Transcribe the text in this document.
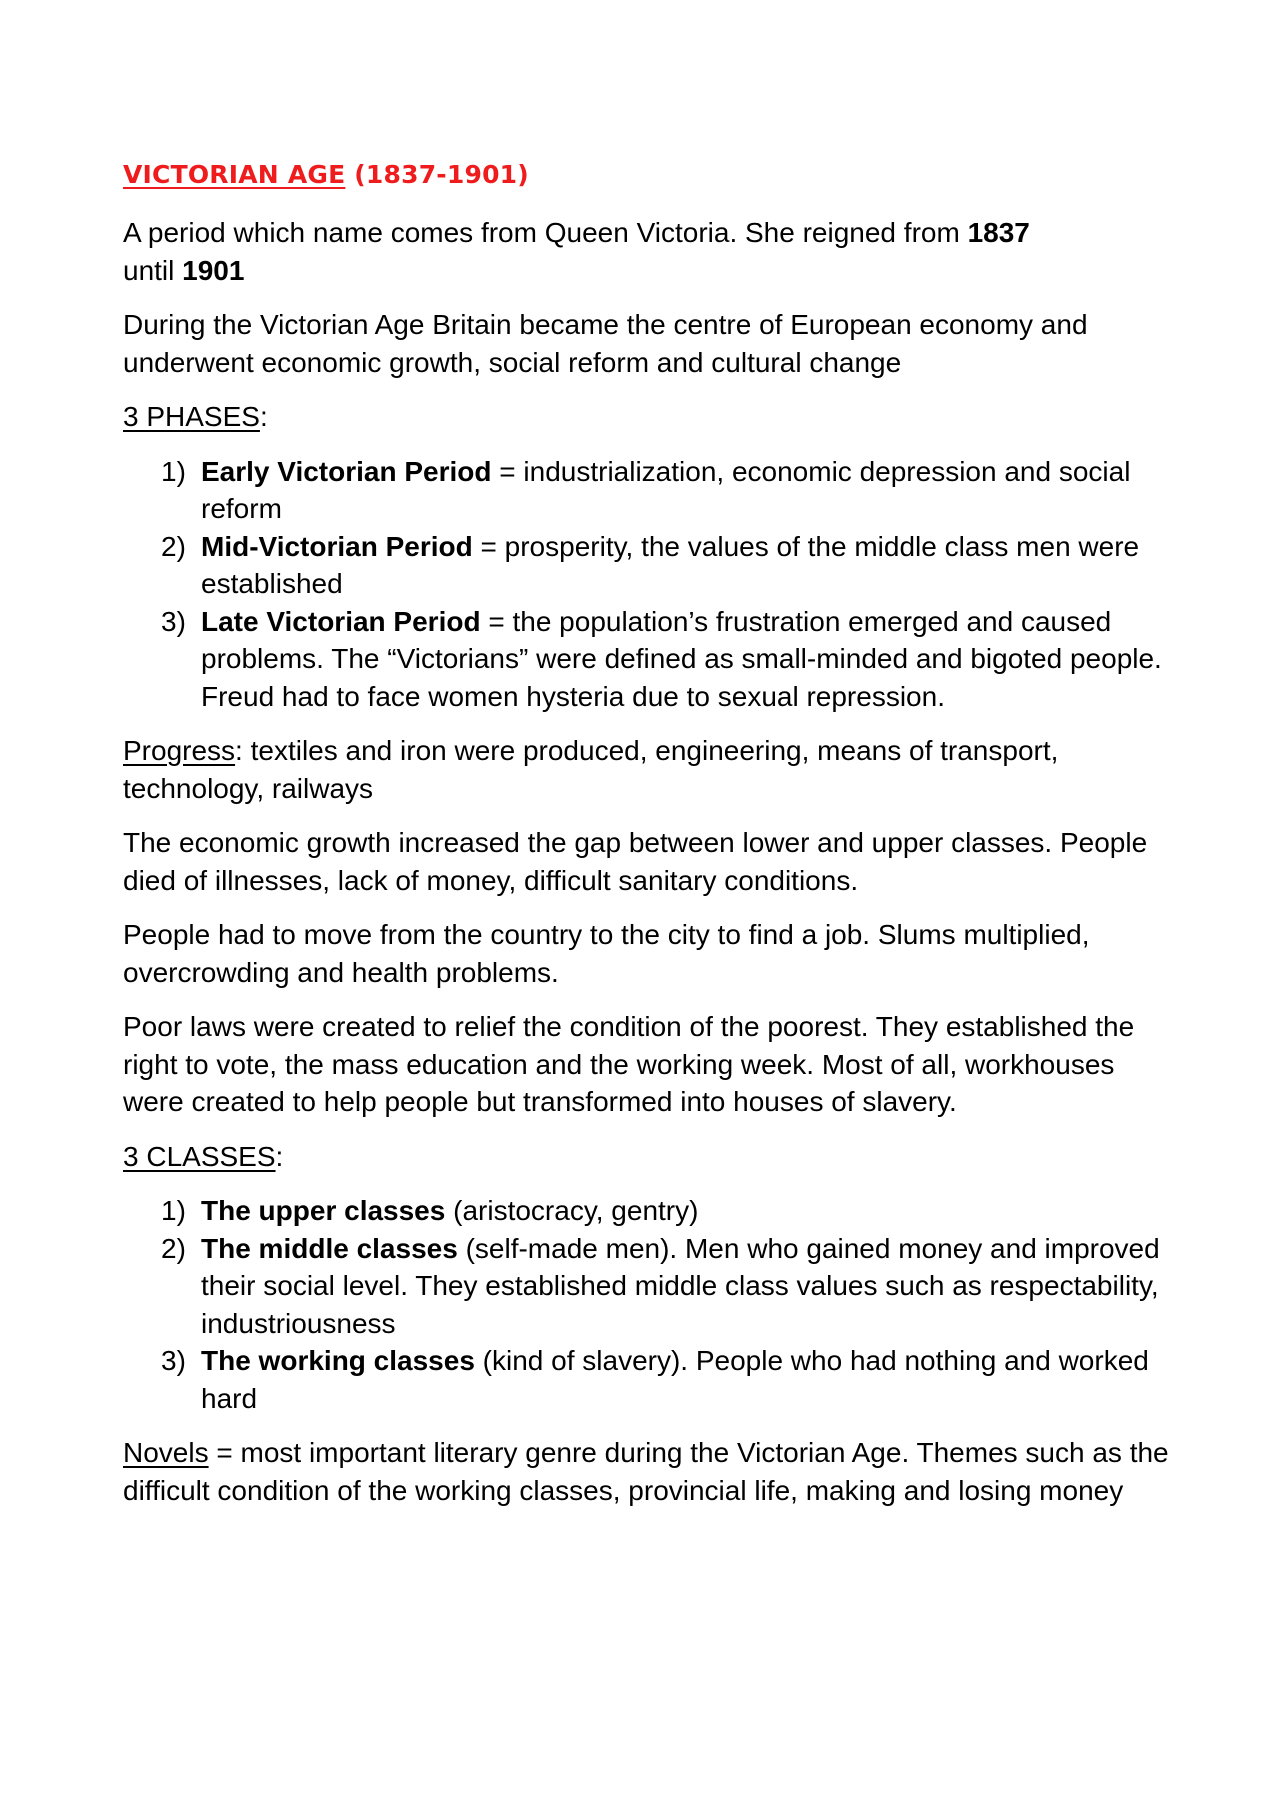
VICTORIAN AGE (1837-1901)

A period which name comes from Queen Victoria. She reigned from 1837
until 1901

During the Victorian Age Britain became the centre of European economy and underwent economic growth, social reform and cultural change

3 PHASES:

1) Early Victorian Period = industrialization, economic depression and social reform
2) Mid-Victorian Period = prosperity, the values of the middle class men were established
3) Late Victorian Period = the population’s frustration emerged and caused problems. The “Victorians” were defined as small-minded and bigoted people. Freud had to face women hysteria due to sexual repression.

Progress: textiles and iron were produced, engineering, means of transport, technology, railways

The economic growth increased the gap between lower and upper classes. People died of illnesses, lack of money, difficult sanitary conditions.

People had to move from the country to the city to find a job. Slums multiplied, overcrowding and health problems.

Poor laws were created to relief the condition of the poorest. They established the right to vote, the mass education and the working week. Most of all, workhouses were created to help people but transformed into houses of slavery.

3 CLASSES:

1) The upper classes (aristocracy, gentry)
2) The middle classes (self-made men). Men who gained money and improved their social level. They established middle class values such as respectability, industriousness
3) The working classes (kind of slavery). People who had nothing and worked hard

Novels = most important literary genre during the Victorian Age. Themes such as the difficult condition of the working classes, provincial life, making and losing money
